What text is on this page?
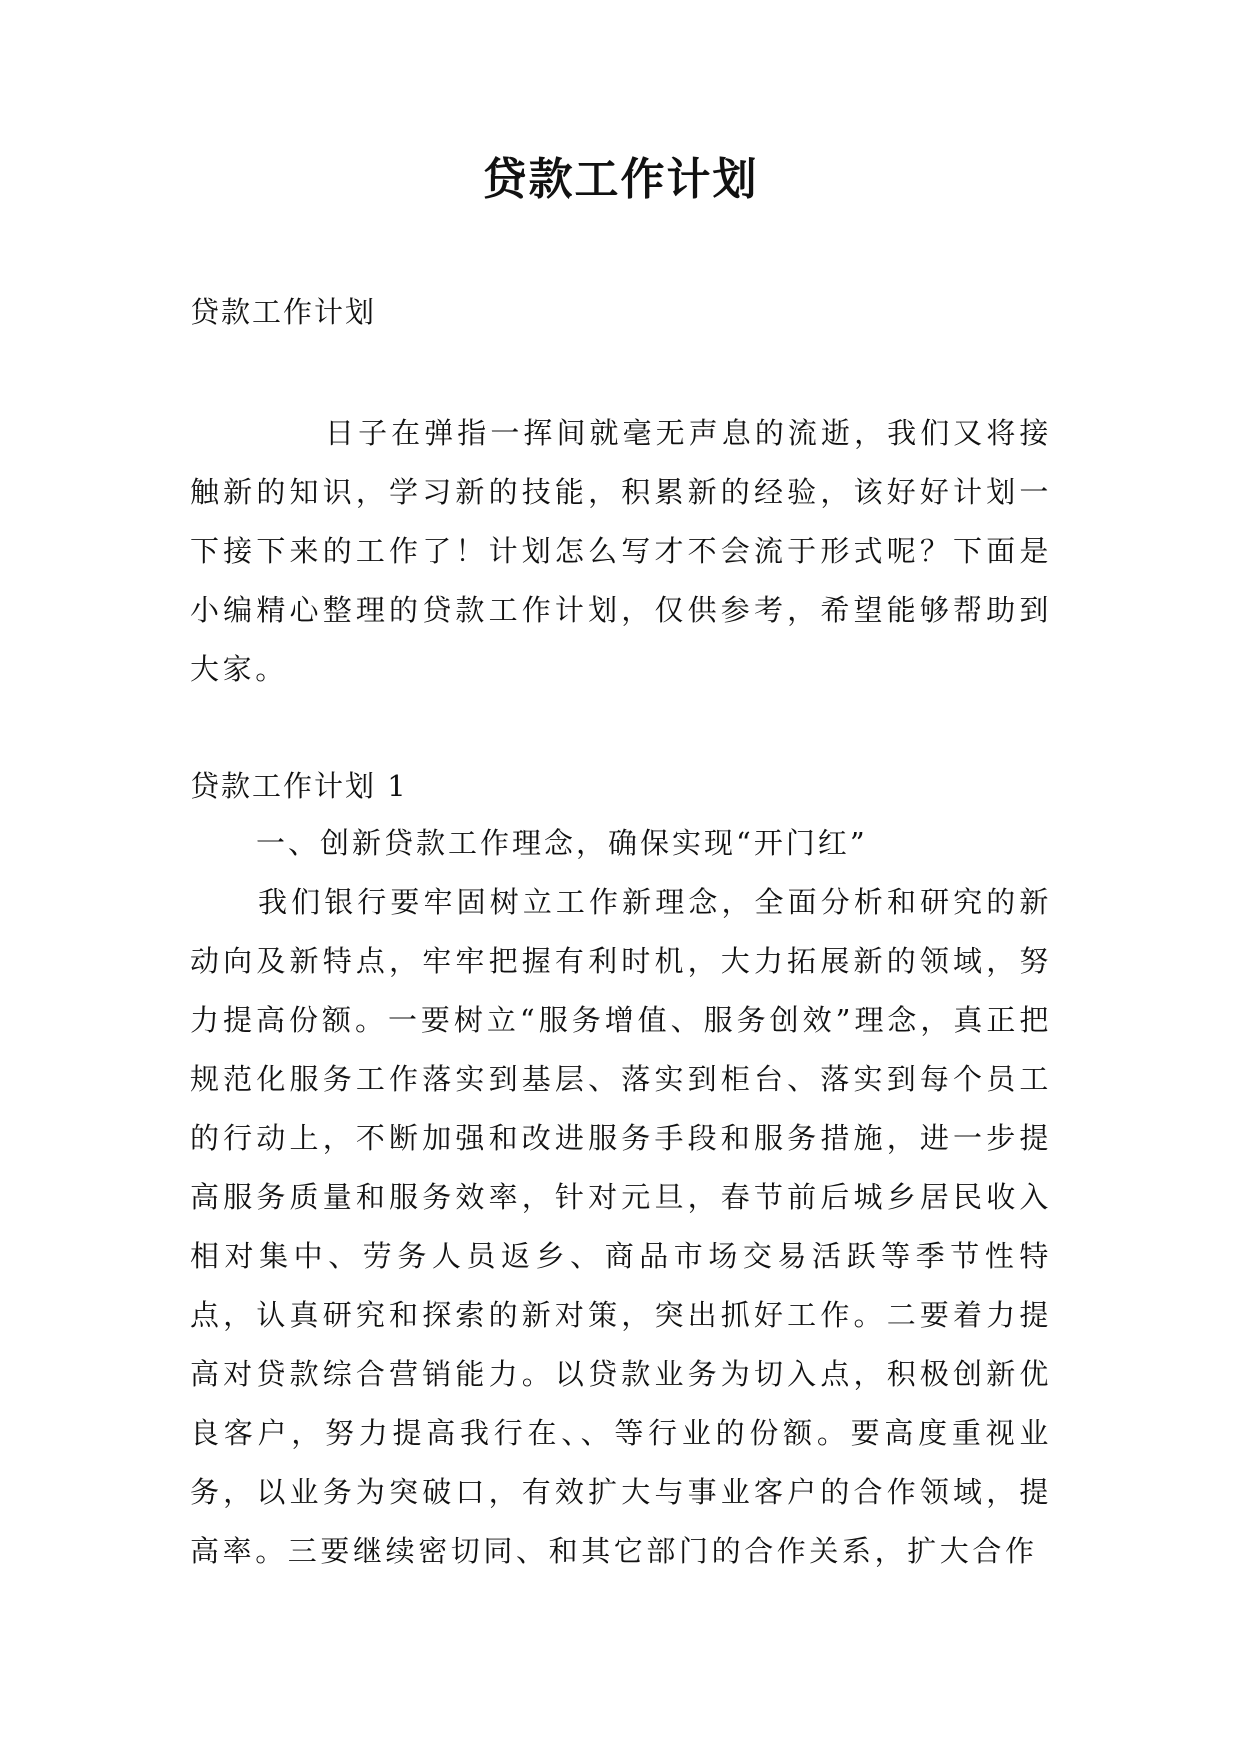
贷款工作计划

贷款工作计划

日子在弹指一挥间就毫无声息的流逝，我们又将接触新的知识，学习新的技能，积累新的经验，该好好计划一下接下来的工作了！计划怎么写才不会流于形式呢？下面是小编精心整理的贷款工作计划，仅供参考，希望能够帮助到大家。

贷款工作计划 1

一、创新贷款工作理念，确保实现“开门红”

我们银行要牢固树立工作新理念，全面分析和研究的新动向及新特点，牢牢把握有利时机，大力拓展新的领域，努力提高份额。一要树立“服务增值、服务创效”理念，真正把规范化服务工作落实到基层、落实到柜台、落实到每个员工的行动上，不断加强和改进服务手段和服务措施，进一步提高服务质量和服务效率，针对元旦，春节前后城乡居民收入相对集中、劳务人员返乡、商品市场交易活跃等季节性特点，认真研究和探索的新对策，突出抓好工作。二要着力提高对贷款综合营销能力。以贷款业务为切入点，积极创新优良客户，努力提高我行在、、等行业的份额。要高度重视业务，以业务为突破口，有效扩大与事业客户的合作领域，提高率。三要继续密切同、和其它部门的合作关系，扩大合作
